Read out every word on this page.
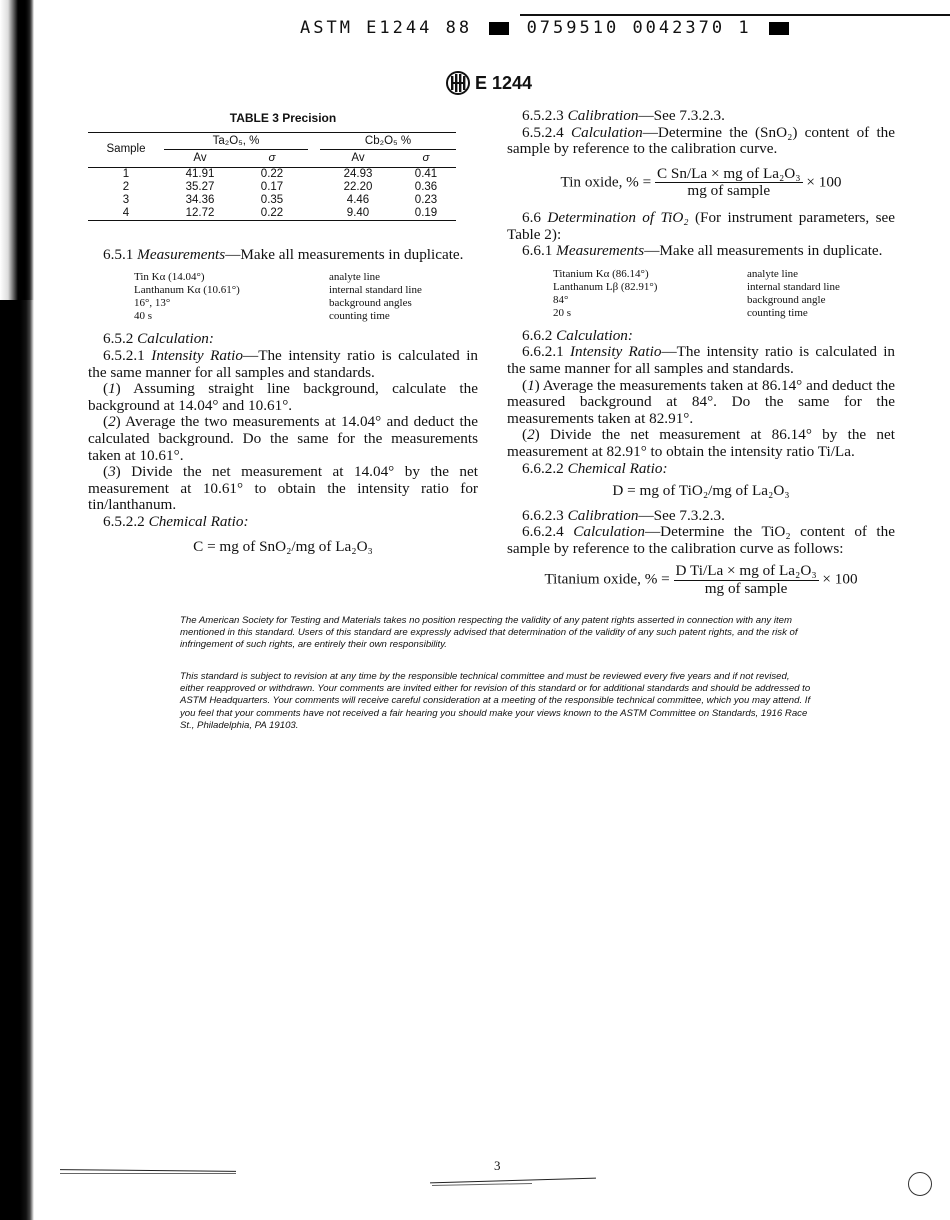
ASTM E1244 88	0759510 0042370 1
E 1244
TABLE 3 Precision
Sample	Ta₂O₅, %			Cb₂O₅ %	
	Av	σ		Av	σ
1	41.91	0.22		24.93	0.41
2	35.27	0.17		22.20	0.36
3	34.36	0.35		4.46	0.23
4	12.72	0.22		9.40	0.19

6.5.1 Measurements—Make all measurements in duplicate.

Tin Kα (14.04°)	analyte line
Lanthanum Kα (10.61°)	internal standard line
16°, 13°	background angles
40 s	counting time

6.5.2 Calculation:

6.5.2.1 Intensity Ratio—The intensity ratio is calculated in the same manner for all samples and standards.

(1) Assuming straight line background, calculate the background at 14.04° and 10.61°.

(2) Average the two measurements at 14.04° and deduct the calculated background. Do the same for the measurements taken at 10.61°.

(3) Divide the net measurement at 14.04° by the net measurement at 10.61° to obtain the intensity ratio for tin/lanthanum.

6.5.2.2 Chemical Ratio:

C = mg of SnO₂/mg of La₂O₃

6.5.2.3 Calibration—See 7.3.2.3.

6.5.2.4 Calculation—Determine the (SnO₂) content of the sample by reference to the calibration curve.

Tin oxide, % = $\frac{\text{C Sn/La × mg of La₂O₃}}{\text{mg of sample}} \times 100$

6.6 Determination of TiO₂ (For instrument parameters, see Table 2):

6.6.1 Measurements—Make all measurements in duplicate.

Titanium Kα (86.14°)	analyte line
Lanthanum Lβ (82.91°)	internal standard line
84°	background angle
20 s	counting time

6.6.2 Calculation:

6.6.2.1 Intensity Ratio—The intensity ratio is calculated in the same manner for all samples and standards.

(1) Average the measurements taken at 86.14° and deduct the measured background at 84°. Do the same for the measurements taken at 82.91°.

(2) Divide the net measurement at 86.14° by the net measurement at 82.91° to obtain the intensity ratio Ti/La.

6.6.2.2 Chemical Ratio:

D = mg of TiO₂/mg of La₂O₃

6.6.2.3 Calibration—See 7.3.2.3.

6.6.2.4 Calculation—Determine the TiO₂ content of the sample by reference to the calibration curve as follows:

Titanium oxide, % = $\frac{\text{D Ti/La × mg of La₂O₃}}{\text{mg of sample}} \times 100$
The American Society for Testing and Materials takes no position respecting the validity of any patent rights asserted in connection with any item mentioned in this standard. Users of this standard are expressly advised that determination of the validity of any such patent rights, and the risk of infringement of such rights, are entirely their own responsibility.
This standard is subject to revision at any time by the responsible technical committee and must be reviewed every five years and if not revised, either reapproved or withdrawn. Your comments are invited either for revision of this standard or for additional standards and should be addressed to ASTM Headquarters. Your comments will receive careful consideration at a meeting of the responsible technical committee, which you may attend. If you feel that your comments have not received a fair hearing you should make your views known to the ASTM Committee on Standards, 1916 Race St., Philadelphia, PA 19103.
3
